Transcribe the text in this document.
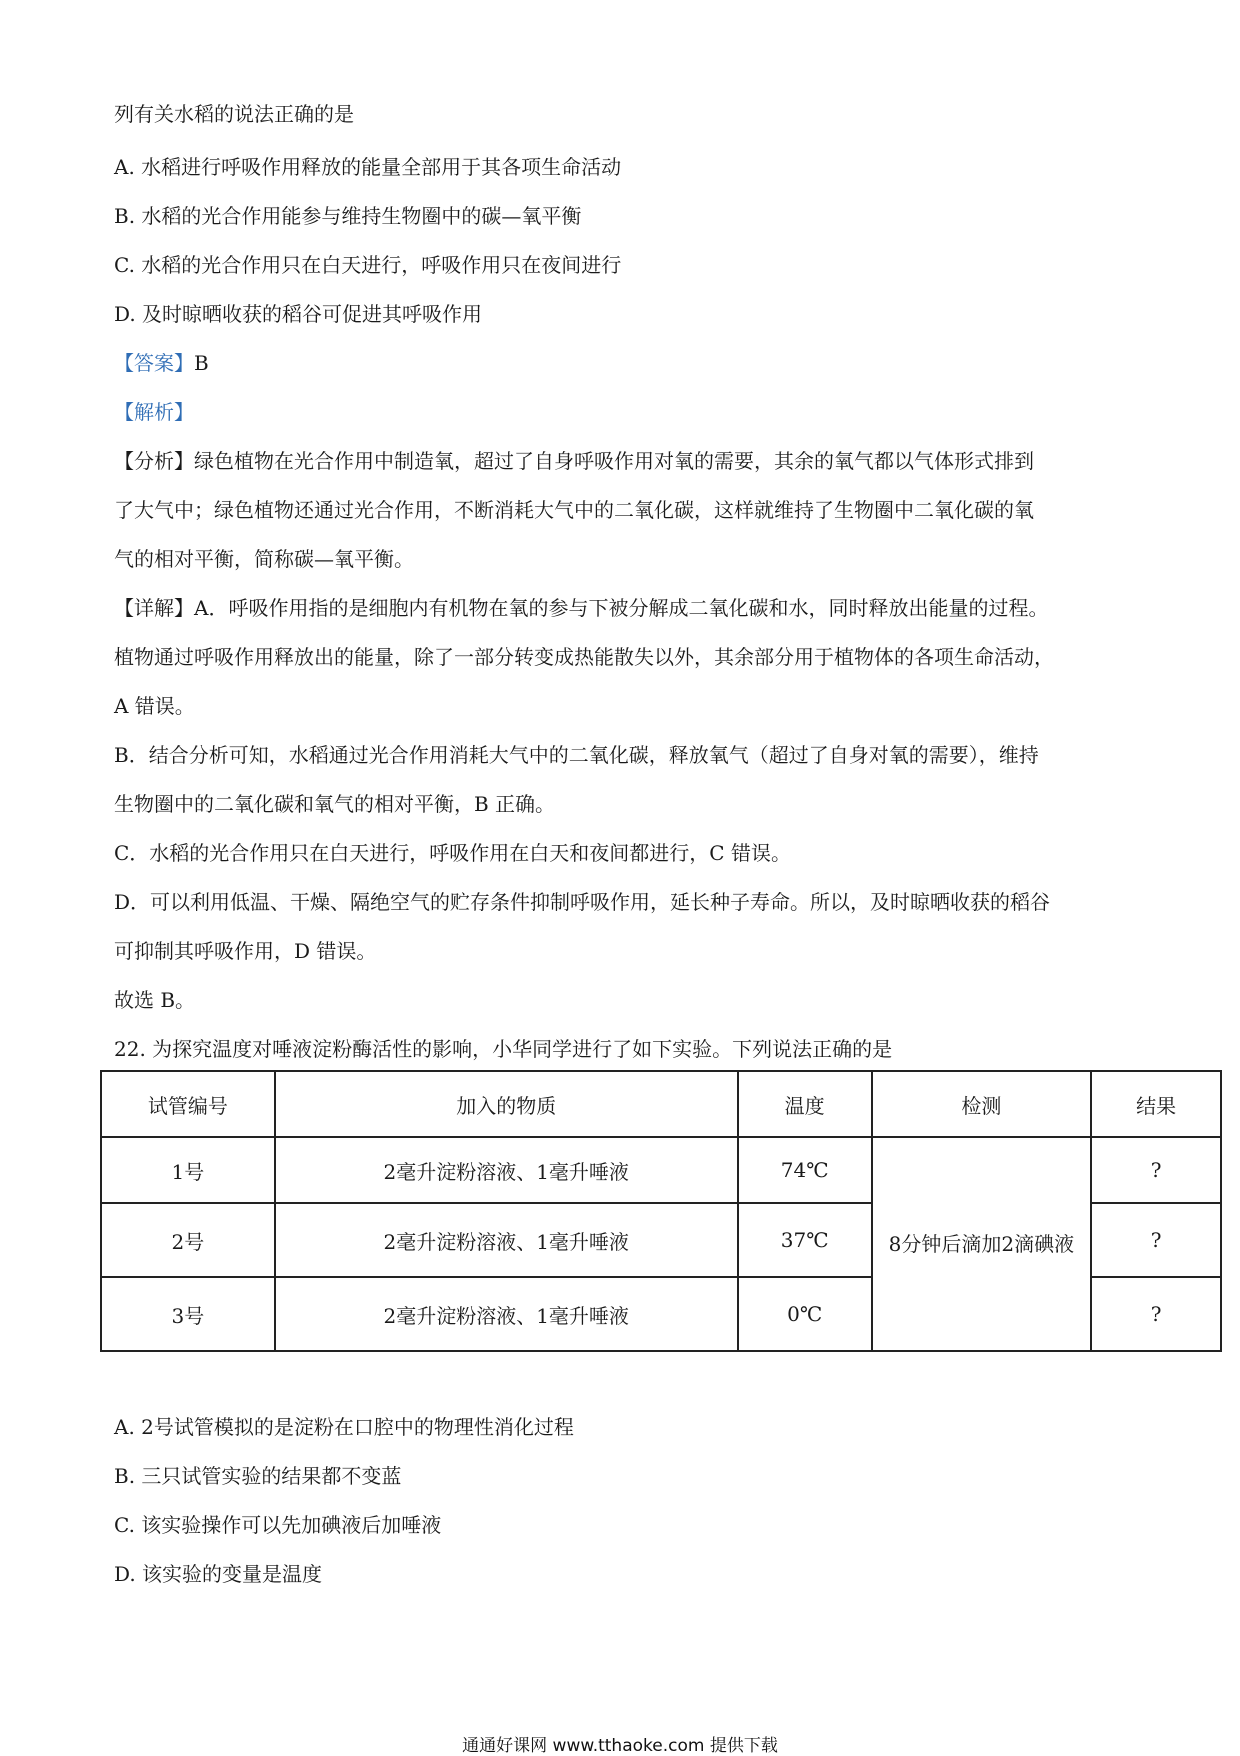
列有关水稻的说法正确的是
A. 水稻进行呼吸作用释放的能量全部用于其各项生命活动
B. 水稻的光合作用能参与维持生物圈中的碳—氧平衡
C. 水稻的光合作用只在白天进行，呼吸作用只在夜间进行
D. 及时晾晒收获的稻谷可促进其呼吸作用
【答案】B
【解析】
【分析】绿色植物在光合作用中制造氧，超过了自身呼吸作用对氧的需要，其余的氧气都以气体形式排到
了大气中；绿色植物还通过光合作用，不断消耗大气中的二氧化碳，这样就维持了生物圈中二氧化碳的氧
气的相对平衡，简称碳—氧平衡。
【详解】A．呼吸作用指的是细胞内有机物在氧的参与下被分解成二氧化碳和水，同时释放出能量的过程。
植物通过呼吸作用释放出的能量，除了一部分转变成热能散失以外，其余部分用于植物体的各项生命活动，
A 错误。
B．结合分析可知，水稻通过光合作用消耗大气中的二氧化碳，释放氧气（超过了自身对氧的需要），维持
生物圈中的二氧化碳和氧气的相对平衡，B 正确。
C．水稻的光合作用只在白天进行，呼吸作用在白天和夜间都进行，C 错误。
D．可以利用低温、干燥、隔绝空气的贮存条件抑制呼吸作用，延长种子寿命。所以，及时晾晒收获的稻谷
可抑制其呼吸作用，D 错误。
故选 B。
22. 为探究温度对唾液淀粉酶活性的影响，小华同学进行了如下实验。下列说法正确的是
试管编号	加入的物质	温度	检测	结果
1号	2毫升淀粉溶液、1毫升唾液	74℃	8分钟后滴加2滴碘液	?
2号	2毫升淀粉溶液、1毫升唾液	37℃		?
3号	2毫升淀粉溶液、1毫升唾液	0℃		?
A. 2号试管模拟的是淀粉在口腔中的物理性消化过程
B. 三只试管实验的结果都不变蓝
C. 该实验操作可以先加碘液后加唾液
D. 该实验的变量是温度
通通好课网 www.tthaoke.com 提供下载
